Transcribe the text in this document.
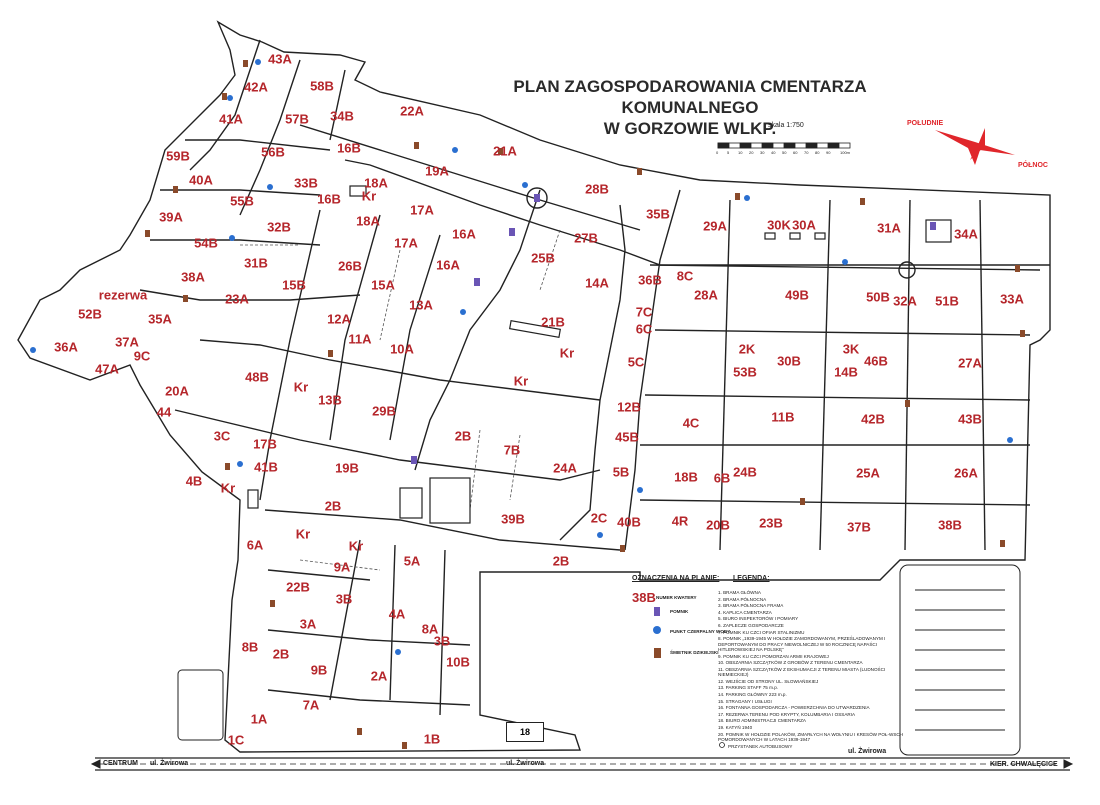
43A
58B
42A
34B
57B
41A
22A
16B
56B
59B	21A
19A
18A
Kr
33B
40A
28B
16B
55B
17A	35B
29A	30K 30A	31A	34A
39A	18A
32B
27B
16A
54B	17A
25B
31B
38A
16A
36B 8C
15B
26B
15A	14A
28A	49B	50B 32A 51B	33A
rezerwa	23A
52B
13A
35A	7C
12A	21B	6C
11A
36A	37A	10A
9C	Kr
5C
2K	3K
30B	46B	27A
47A
48B	53B	14B
Kr	Kr
13B
20A
12B
29B
4C	11B	42B	43B
44
45B
2B
3C
17B	7B
5B	18B	24B
24A	25A	26A
41B	19B
6B
4B Kr
2B
2C	4R	23B	37B	38B
39B	40B	20B
Kr
Kr
6A
5A	2B
9A
22B
3B
4A
3A	8A
3B
8B
10B
2B
9B	2A
1A
7A
1C	1B
PLAN ZAGOSPODAROWANIA CMENTARZA KOMUNALNEGO
W GORZOWIE WLKP.
skala 1:750
0 5 10 20 30 40 50 60 70 80 90 100m
POŁUDNIE
PÓŁNOC
CENTRUM ul. Żwirowa	ul. Żwirowa
ul. Żwirowa
KIER. CHWALĘCICE
18
OZNACZENIA NA PLANIE:
38B NUMER KWATERY
POMNIK
PUNKT CZERPALNY WODY
ŚMIETNIK DZIKIEJSKI
LEGENDA:
1. BRAMA GŁÓWNA
2. BRAMA PÓŁNOCNA
3. BRAMA PÓŁNOCNA FRAMA
4. KAPLICA CMENTARZA
5. BIURO INSPEKTORÓW I POMIARY
6. ZAPLECZE GOSPODARCZE
7. POMNIK KU CZCI OFIAR STALINIZMU
8. POMNIK „1939-1945 W HOŁDZIE ZAMORDOWANYM, PRZEŚLADOWANYM I DEPORTOWANYM DO PRACY NIEWOLNICZEJ W 50 ROCZNICĘ NAPAŚCI HITLEROWSKIEJ NA POLSKĘ”
9. POMNIK KU CZCI POMORZAN ARMII KRAJOWEJ
10. OBSZARNIA SZCZĄTKÓW Z GROBÓW Z TERENU CMENTARZA
11. OBSZARNIA SZCZĄTKÓW Z EKSHUMACJI Z TERENU MIASTA (LUDNOŚCI NIEMIECKIEJ)
12. WEJŚCIE OD STRONY UL. SŁOWIAŃSKIEJ
13. PARKING STAFF 75 m.p.
14. PARKING GŁÓWNY 223 m.p.
15. STRAGANY I USŁUGI
16. FONTANNA GOSPODARCZA - POWIERZCHNIA DO UTWARDZENIA
17. REZERWA TERENU POD KRYPTY, KOLUMBARIA I OSSARIA
18. BIURO ADMINISTRACJI CMENTARZA
19. KATYŃ 1940
20. POMNIK W HOŁDZIE POLAKÓW, ZMARŁYCH NA WOŁYNIU I KRESÓW POŁ-WSCH POMORDOWANYCH W LATACH 1939-1947
PRZYSTANEK AUTOBUSOWY
